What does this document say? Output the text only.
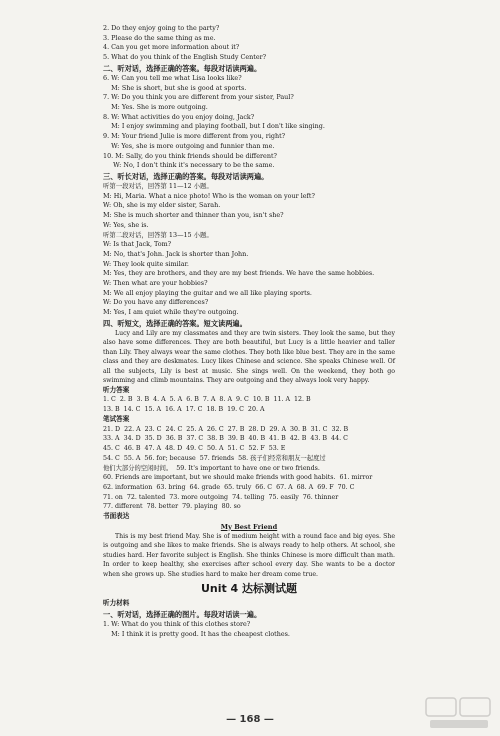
2. Do they enjoy going to the party?
3. Please do the same thing as me.
4. Can you get more information about it?
5. What do you think of the English Study Center?
二、听对话，选择正确的答案。每段对话读两遍。
6. W: Can you tell me what Lisa looks like?
M: She is short, but she is good at sports.
7. W: Do you think you are different from your sister, Paul?
M: Yes. She is more outgoing.
8. W: What activities do you enjoy doing, Jack?
M: I enjoy swimming and playing football, but I don't like singing.
9. M: Your friend Julie is more different from you, right?
W: Yes, she is more outgoing and funnier than me.
10. M: Sally, do you think friends should be different?
W: No, I don't think it's necessary to be the same.
三、听长对话，选择正确的答案。每段对话读两遍。
听第一段对话，回答第 11—12 小题。
M: Hi, Maria. What a nice photo! Who is the woman on your left?
W: Oh, she is my elder sister, Sarah.
M: She is much shorter and thinner than you, isn't she?
W: Yes, she is.
听第二段对话，回答第 13—15 小题。
W: Is that Jack, Tom?
M: No, that's John. Jack is shorter than John.
W: They look quite similar.
M: Yes, they are brothers, and they are my best friends. We have the same hobbies.
W: Then what are your hobbies?
M: We all enjoy playing the guitar and we all like playing sports.
W: Do you have any differences?
M: Yes, I am quiet while they're outgoing.
四、听短文，选择正确的答案。短文读两遍。

Lucy and Lily are my classmates and they are twin sisters. They look the same, but they also have some differences. They are both beautiful, but Lucy is a little heavier and taller than Lily. They always wear the same clothes. They both like blue best. They are in the same class and they are deskmates. Lucy likes Chinese and science. She speaks Chinese well. Of all the subjects, Lily is best at music. She sings well. On the weekend, they both go swimming and climb mountains. They are outgoing and they always look very happy.

听力答案
1. C  2. B  3. B  4. A  5. A  6. B  7. A  8. A  9. C  10. B  11. A  12. B
13. B  14. C  15. A  16. A  17. C  18. B  19. C  20. A
笔试答案
21. D  22. A  23. C  24. C  25. A  26. C  27. B  28. D  29. A  30. B  31. C  32. B
33. A  34. D  35. D  36. B  37. C  38. B  39. B  40. B  41. B  42. B  43. B  44. C
45. C  46. B  47. A  48. D  49. C  50. A  51. C  52. F  53. E
54. C  55. A  56. for; because  57. friends  58. 孩子们经常和朋友一起度过
他们大部分的空闲时间。  59. It's important to have one or two friends.
60. Friends are important, but we should make friends with good habits.  61. mirror
62. information  63. bring  64. grade  65. truly  66. C  67. A  68. A  69. F  70. C
71. on  72. talented  73. more outgoing  74. telling  75. easily  76. thinner
77. different  78. better  79. playing  80. so
书面表达
My Best Friend

This is my best friend May. She is of medium height with a round face and big eyes. She is outgoing and she likes to make friends. She is always ready to help others. At school, she studies hard. Her favorite subject is English. She thinks Chinese is more difficult than math. In order to keep healthy, she exercises after school every day. She wants to be a doctor when she grows up. She studies hard to make her dream come true.

Unit 4 达标测试题
听力材料
一、听对话，选择正确的图片。每段对话读一遍。
1. W: What do you think of this clothes store?
M: I think it is pretty good. It has the cheapest clothes.
— 168 —
